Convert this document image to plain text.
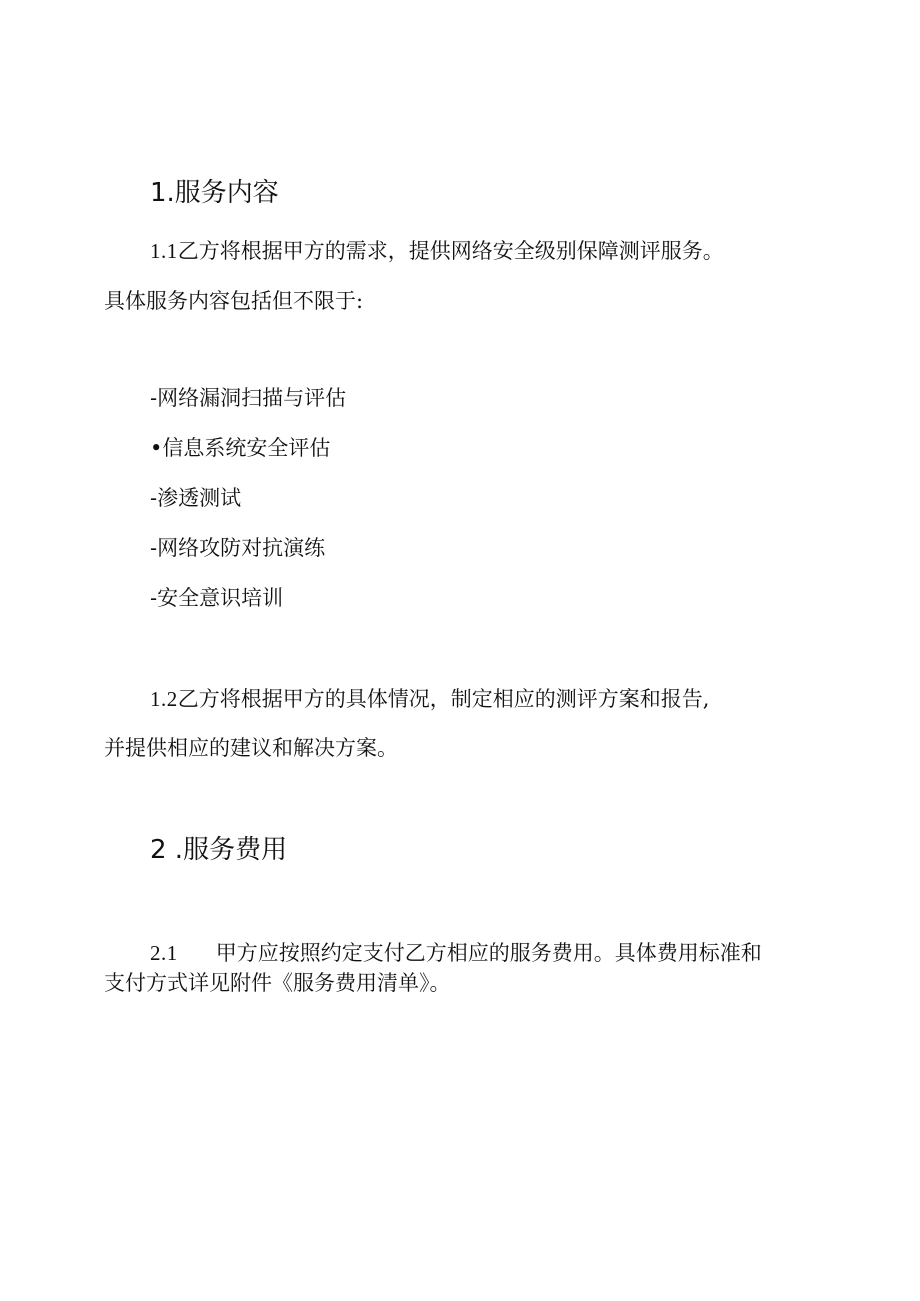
1.服务内容
1.1乙方将根据甲方的需求，提供网络安全级别保障测评服务。
具体服务内容包括但不限于:
-网络漏洞扫描与评估
•信息系统安全评估
-渗透测试
-网络攻防对抗演练
-安全意识培训
1.2乙方将根据甲方的具体情况，制定相应的测评方案和报告,
并提供相应的建议和解决方案。
2 .服务费用
2.1 甲方应按照约定支付乙方相应的服务费用。具体费用标准和
支付方式详见附件《服务费用清单》。
